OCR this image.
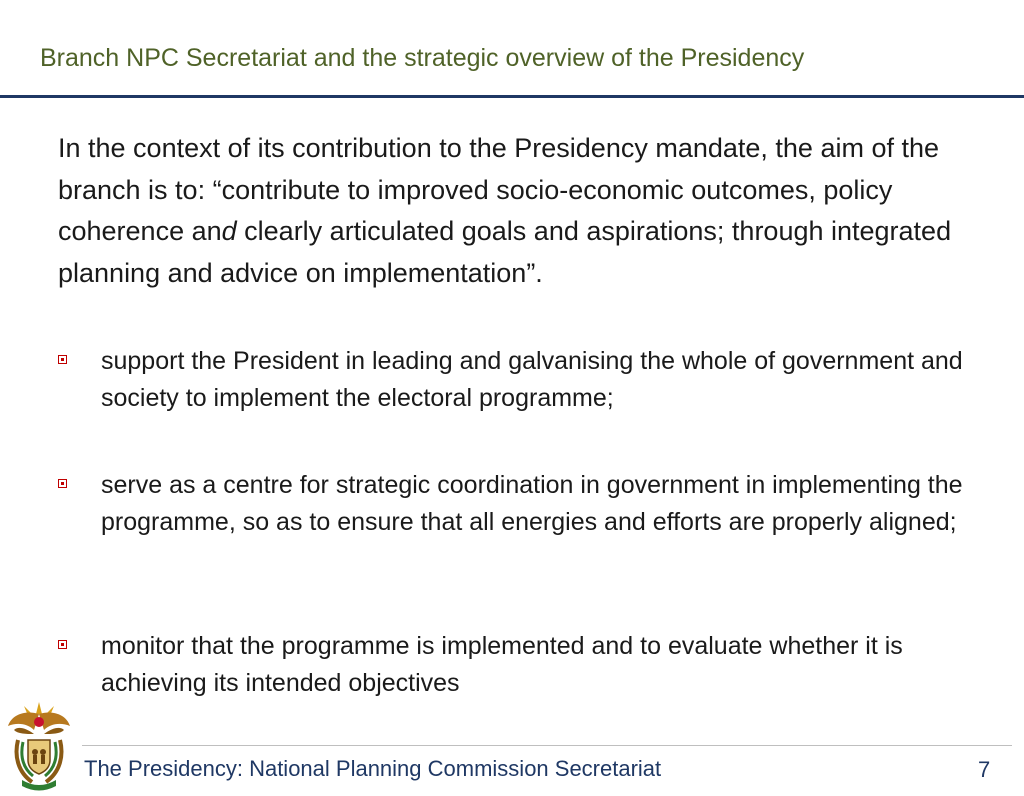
Branch NPC Secretariat and the strategic overview of the Presidency

In the context of its contribution to the Presidency mandate, the aim of the branch is to: “contribute to improved socio-economic outcomes, policy coherence and clearly articulated goals and aspirations; through integrated planning and advice on implementation”.

support the President in leading and galvanising the whole of government and society to implement the electoral programme;
serve as a centre for strategic coordination in government in implementing the programme, so as to ensure that all energies and efforts are properly aligned;
monitor that the programme is implemented and to evaluate whether it is achieving its intended objectives
The Presidency: National Planning Commission Secretariat	7
